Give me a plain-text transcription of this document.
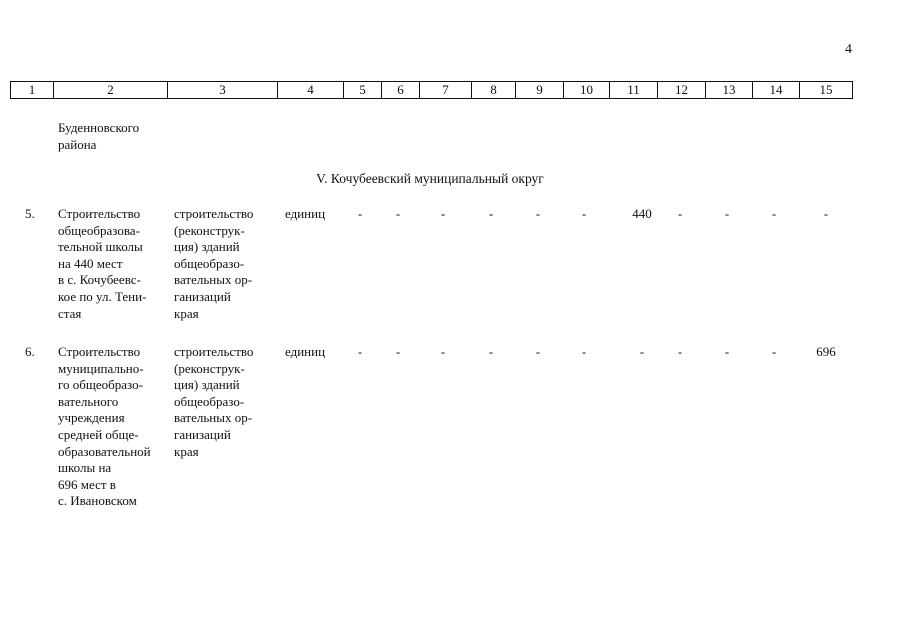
4
1	2	3	4	5	6	7	8	9	10	11	12	13	14	15
Буденновского
района
V. Кочубеевский муниципальный округ
5. Строительство
общеобразова-
тельной школы
на 440 мест
в с. Кочубеевс-
кое по ул. Тени-
стая
строительство
(реконструк-
ция) зданий
общеобразо-
вательных ор-
ганизаций
края
единиц	-	-	-	-	-	-	440	-	-	-	-
6. Строительство
муниципально-
го общеобразо-
вательного
учреждения
средней обще-
образовательной
школы на
696 мест в
с. Ивановском
строительство
(реконструк-
ция) зданий
общеобразо-
вательных ор-
ганизаций
края
единиц	-	-	-	-	-	-	-	-	-	-	696
